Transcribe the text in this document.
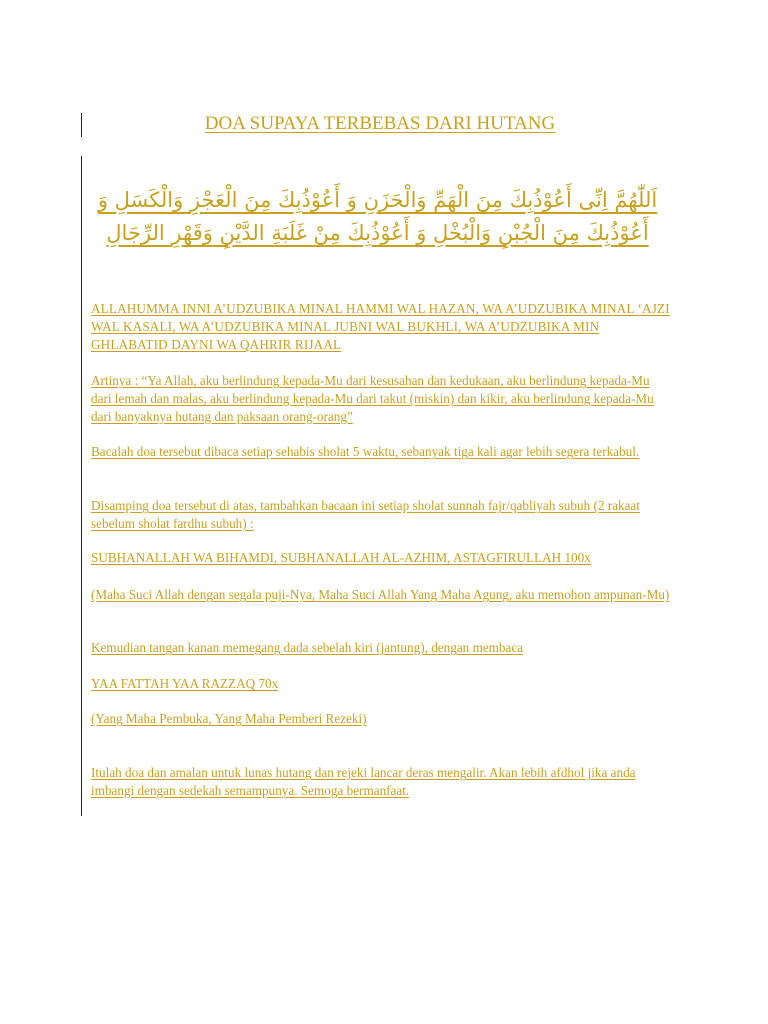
DOA SUPAYA TERBEBAS DARI HUTANG
اَللّٰهُمَّ اِنِّى أَعُوْذُبِكَ مِنَ الْهَمِّ وَالْحَزَنِ وَ أَعُوْذُبِكَ مِنَ الْعَجْزِ وَالْكَسَلِ وَ أَعُوْذُبِكَ مِنَ الْجُبْنِ وَالْبُخْلِ وَ أَعُوْذُبِكَ مِنْ غَلَبَةِ الدَّيْنِ وَقَهْرِ الرِّجَالِ

ALLAHUMMA INNI A’UDZUBIKA MINAL HAMMI WAL HAZAN, WA A’UDZUBIKA MINAL ‘AJZI WAL KASALI, WA A’UDZUBIKA MINAL JUBNI WAL BUKHLI, WA A’UDZUBIKA MIN GHLABATID DAYNI WA QAHRIR RIJAAL

Artinya : “Ya Allah, aku berlindung kepada-Mu dari kesusahan dan kedukaan, aku berlindung kepada-Mu dari lemah dan malas, aku berlindung kepada-Mu dari takut (miskin) dan kikir, aku berlindung kepada-Mu dari banyaknya hutang dan paksaan orang-orang”

Bacalah doa tersebut dibaca setiap sehabis sholat 5 waktu, sebanyak tiga kali agar lebih segera terkabul.

Disamping doa tersebut di atas, tambahkan bacaan ini setiap sholat sunnah fajr/qabliyah subuh (2 rakaat sebelum sholat fardhu subuh) :

SUBHANALLAH WA BIHAMDI, SUBHANALLAH AL-AZHIM, ASTAGFIRULLAH 100x

(Maha Suci Allah dengan segala puji-Nya, Maha Suci Allah Yang Maha Agung, aku memohon ampunan-Mu)

Kemudian tangan kanan memegang dada sebelah kiri (jantung), dengan membaca

YAA FATTAH YAA RAZZAQ 70x

(Yang Maha Pembuka, Yang Maha Pemberi Rezeki)

Itulah doa dan amalan untuk lunas hutang dan rejeki lancar deras mengalir. Akan lebih afdhol jika anda imbangi dengan sedekah semampunya. Semoga bermanfaat.
